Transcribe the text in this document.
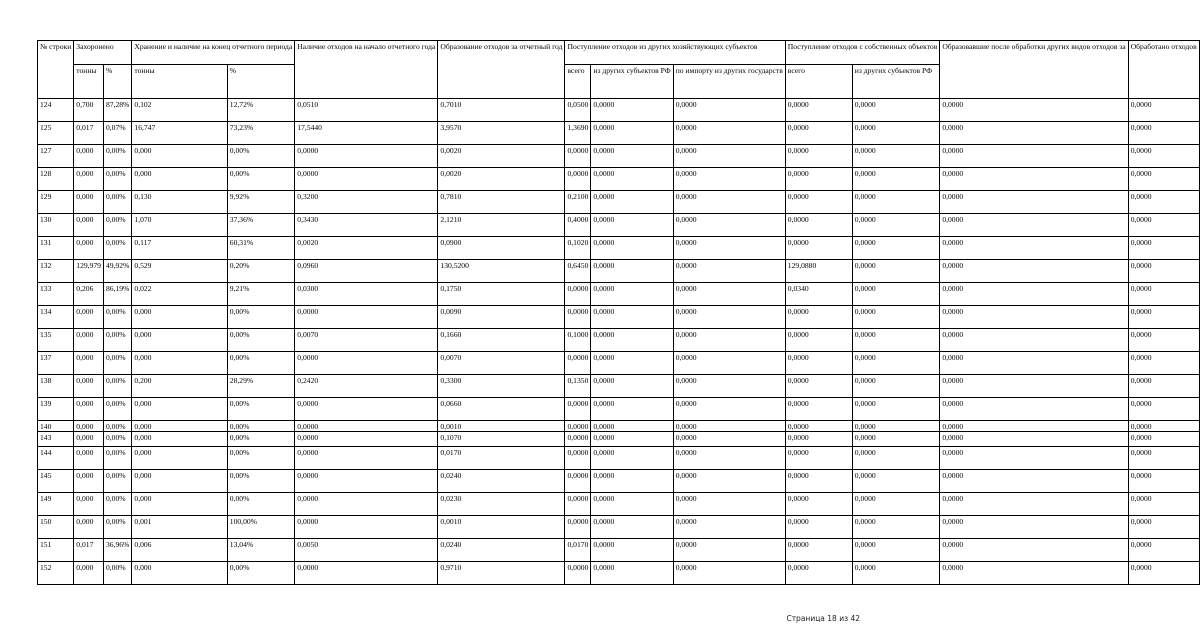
№ строки	Захоронено		Хранение и наличие на конец отчетного периода		Наличие отходов на начало отчетного года	Образование отходов за отчетный год	Поступление отходов из других хозяйствующих субъектов			Поступление отходов с собственных объектов		Образовавшие после обработки других видов отходов за	Обработано отходов
	тонны	%	тонны	%			всего	из других субъектов РФ	по импорту из других государств	всего	из других субъектов РФ		
124	0,700	87,28%	0,102	12,72%	0,0510	0,7010	0,0500	0,0000	0,0000	0,0000	0,0000	0,0000	0,0000
125	0,017	0,07%	16,747	73,23%	17,5440	3,9570	1,3690	0,0000	0,0000	0,0000	0,0000	0,0000	0,0000
127	0,000	0,00%	0,000	0,00%	0,0000	0,0020	0,0000	0,0000	0,0000	0,0000	0,0000	0,0000	0,0000
128	0,000	0,00%	0,000	0,00%	0,0000	0,0020	0,0000	0,0000	0,0000	0,0000	0,0000	0,0000	0,0000
129	0,000	0,00%	0,130	9,92%	0,3200	0,7810	0,2100	0,0000	0,0000	0,0000	0,0000	0,0000	0,0000
130	0,000	0,00%	1,070	37,36%	0,3430	2,1210	0,4000	0,0000	0,0000	0,0000	0,0000	0,0000	0,0000
131	0,000	0,00%	0,117	60,31%	0,0020	0,0900	0,1020	0,0000	0,0000	0,0000	0,0000	0,0000	0,0000
132	129,979	49,92%	0,529	0,20%	0,0960	130,5200	0,6450	0,0000	0,0000	129,0880	0,0000	0,0000	0,0000
133	0,206	86,19%	0,022	9,21%	0,0300	0,1750	0,0000	0,0000	0,0000	0,0340	0,0000	0,0000	0,0000
134	0,000	0,00%	0,000	0,00%	0,0000	0,0090	0,0000	0,0000	0,0000	0,0000	0,0000	0,0000	0,0000
135	0,000	0,00%	0,000	0,00%	0,0070	0,1660	0,1000	0,0000	0,0000	0,0000	0,0000	0,0000	0,0000
137	0,000	0,00%	0,000	0,00%	0,0000	0,0070	0,0000	0,0000	0,0000	0,0000	0,0000	0,0000	0,0000
138	0,000	0,00%	0,200	28,29%	0,2420	0,3300	0,1350	0,0000	0,0000	0,0000	0,0000	0,0000	0,0000
139	0,000	0,00%	0,000	0,00%	0,0000	0,0660	0,0000	0,0000	0,0000	0,0000	0,0000	0,0000	0,0000
140	0,000	0,00%	0,000	0,00%	0,0000	0,0010	0,0000	0,0000	0,0000	0,0000	0,0000	0,0000	0,0000
143	0,000	0,00%	0,000	0,00%	0,0000	0,1070	0,0000	0,0000	0,0000	0,0000	0,0000	0,0000	0,0000
144	0,000	0,00%	0,000	0,00%	0,0000	0,0170	0,0000	0,0000	0,0000	0,0000	0,0000	0,0000	0,0000
145	0,000	0,00%	0,000	0,00%	0,0000	0,0240	0,0000	0,0000	0,0000	0,0000	0,0000	0,0000	0,0000
149	0,000	0,00%	0,000	0,00%	0,0000	0,0230	0,0000	0,0000	0,0000	0,0000	0,0000	0,0000	0,0000
150	0,000	0,00%	0,001	100,00%	0,0000	0,0010	0,0000	0,0000	0,0000	0,0000	0,0000	0,0000	0,0000
151	0,017	36,96%	0,006	13,04%	0,0050	0,0240	0,0170	0,0000	0,0000	0,0000	0,0000	0,0000	0,0000
152	0,000	0,00%	0,000	0,00%	0,0000	0,9710	0,0000	0,0000	0,0000	0,0000	0,0000	0,0000	0,0000
Страница 18 из 42
